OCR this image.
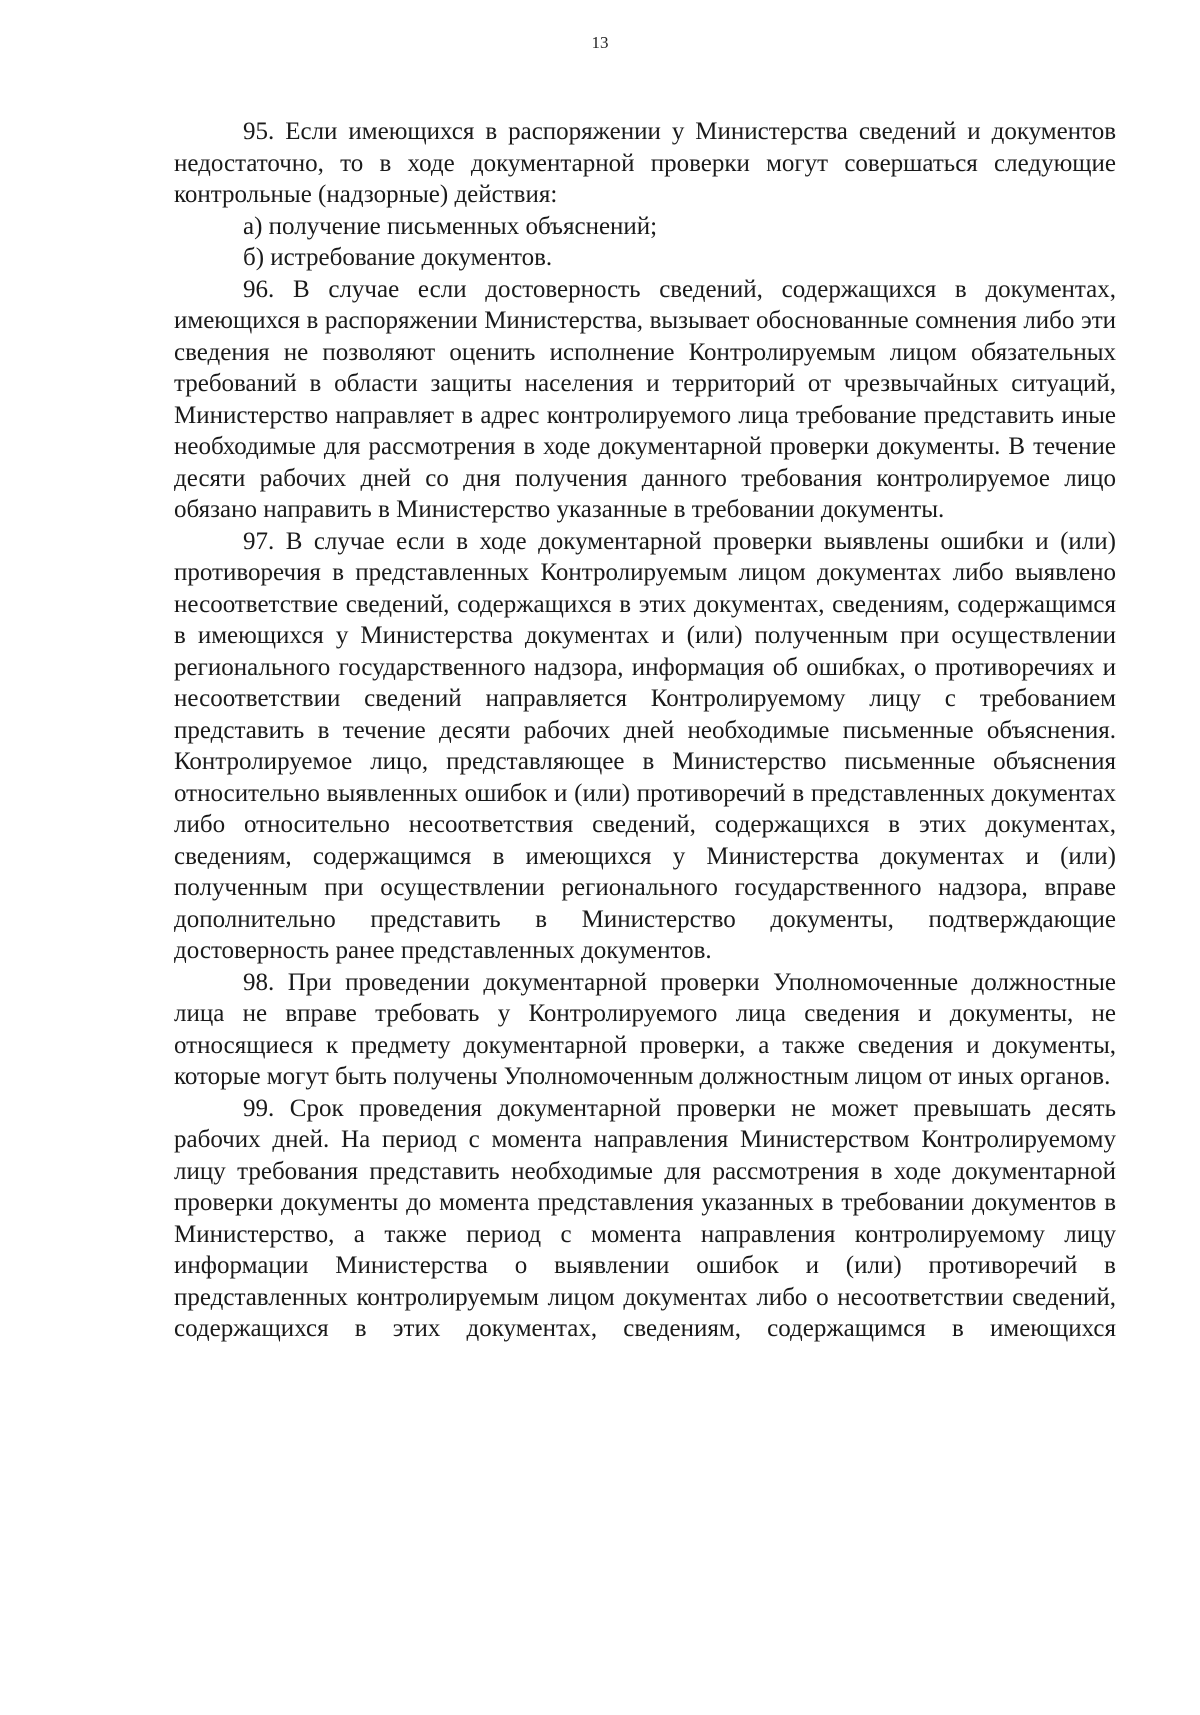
13

95. Если имеющихся в распоряжении у Министерства сведений и документов недостаточно, то в ходе документарной проверки могут совершаться следующие контрольные (надзорные) действия:

а) получение письменных объяснений;

б) истребование документов.

96. В случае если достоверность сведений, содержащихся в документах, имеющихся в распоряжении Министерства, вызывает обоснованные сомнения либо эти сведения не позволяют оценить исполнение Контролируемым лицом обязательных требований в области защиты населения и территорий от чрезвычайных ситуаций, Министерство направляет в адрес контролируемого лица требование представить иные необходимые для рассмотрения в ходе документарной проверки документы. В течение десяти рабочих дней со дня получения данного требования контролируемое лицо обязано направить в Министерство указанные в требовании документы.

97. В случае если в ходе документарной проверки выявлены ошибки и (или) противоречия в представленных Контролируемым лицом документах либо выявлено несоответствие сведений, содержащихся в этих документах, сведениям, содержащимся в имеющихся у Министерства документах и (или) полученным при осуществлении регионального государственного надзора, информация об ошибках, о противоречиях и несоответствии сведений направляется Контролируемому лицу с требованием представить в течение десяти рабочих дней необходимые письменные объяснения. Контролируемое лицо, представляющее в Министерство письменные объяснения относительно выявленных ошибок и (или) противоречий в представленных документах либо относительно несоответствия сведений, содержащихся в этих документах, сведениям, содержащимся в имеющихся у Министерства документах и (или) полученным при осуществлении регионального государственного надзора, вправе дополнительно представить в Министерство документы, подтверждающие достоверность ранее представленных документов.

98. При проведении документарной проверки Уполномоченные должностные лица не вправе требовать у Контролируемого лица сведения и документы, не относящиеся к предмету документарной проверки, а также сведения и документы, которые могут быть получены Уполномоченным должностным лицом от иных органов.

99. Срок проведения документарной проверки не может превышать десять рабочих дней. На период с момента направления Министерством Контролируемому лицу требования представить необходимые для рассмотрения в ходе документарной проверки документы до момента представления указанных в требовании документов в Министерство, а также период с момента направления контролируемому лицу информации Министерства о выявлении ошибок и (или) противоречий в представленных контролируемым лицом документах либо о несоответствии сведений, содержащихся в этих документах, сведениям, содержащимся в имеющихся
